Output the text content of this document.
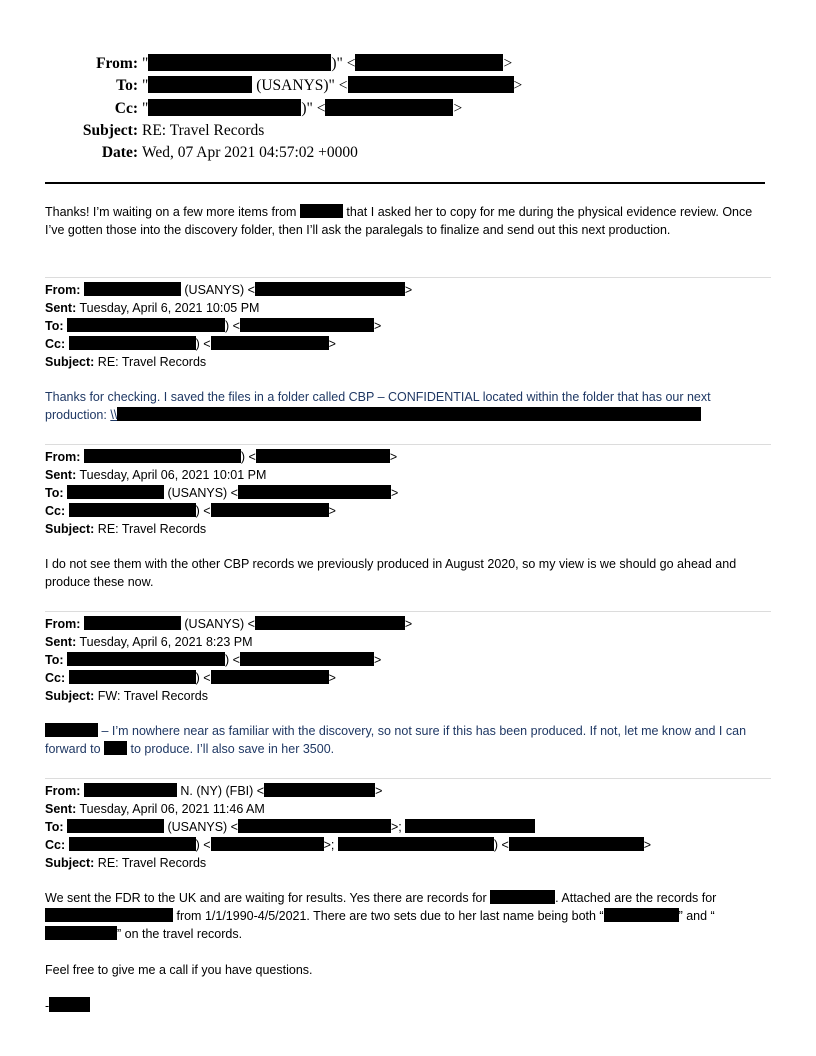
From: "	)" <	>
To: "	(USANYS)" <	>
Cc: "	)" <	>
Subject: RE: Travel Records
Date: Wed, 07 Apr 2021 04:57:02 +0000

Thanks! I’m waiting on a few more items from	that I asked her to copy for me during the physical evidence review. Once I’ve gotten those into the discovery folder, then I’ll ask the paralegals to finalize and send out this next production.

From:	(USANYS) <	>
Sent: Tuesday, April 6, 2021 10:05 PM
To:	) <	>
Cc:	) <	>
Subject: RE: Travel Records

Thanks for checking. I saved the files in a folder called CBP – CONFIDENTIAL located within the folder that has our next production: \\

From:	) <	>
Sent: Tuesday, April 06, 2021 10:01 PM
To:	(USANYS) <	>
Cc:	) <	>
Subject: RE: Travel Records

I do not see them with the other CBP records we previously produced in August 2020, so my view is we should go ahead and produce these now.

From:	(USANYS) <	>
Sent: Tuesday, April 6, 2021 8:23 PM
To:	) <	>
Cc:	) <	>
Subject: FW: Travel Records

– I’m nowhere near as familiar with the discovery, so not sure if this has been produced. If not, let me know and I can forward to  to produce. I’ll also save in her 3500.

From:	N. (NY) (FBI) <	>
Sent: Tuesday, April 06, 2021 11:46 AM
To:	(USANYS) <	>;
Cc:	) <	>;	) <	>
Subject: RE: Travel Records

We sent the FDR to the UK and are waiting for results. Yes there are records for	. Attached are the records for  from 1/1/1990-4/5/2021. There are two sets due to her last name being both “	” and “” on the travel records.

Feel free to give me a call if you have questions.

-
